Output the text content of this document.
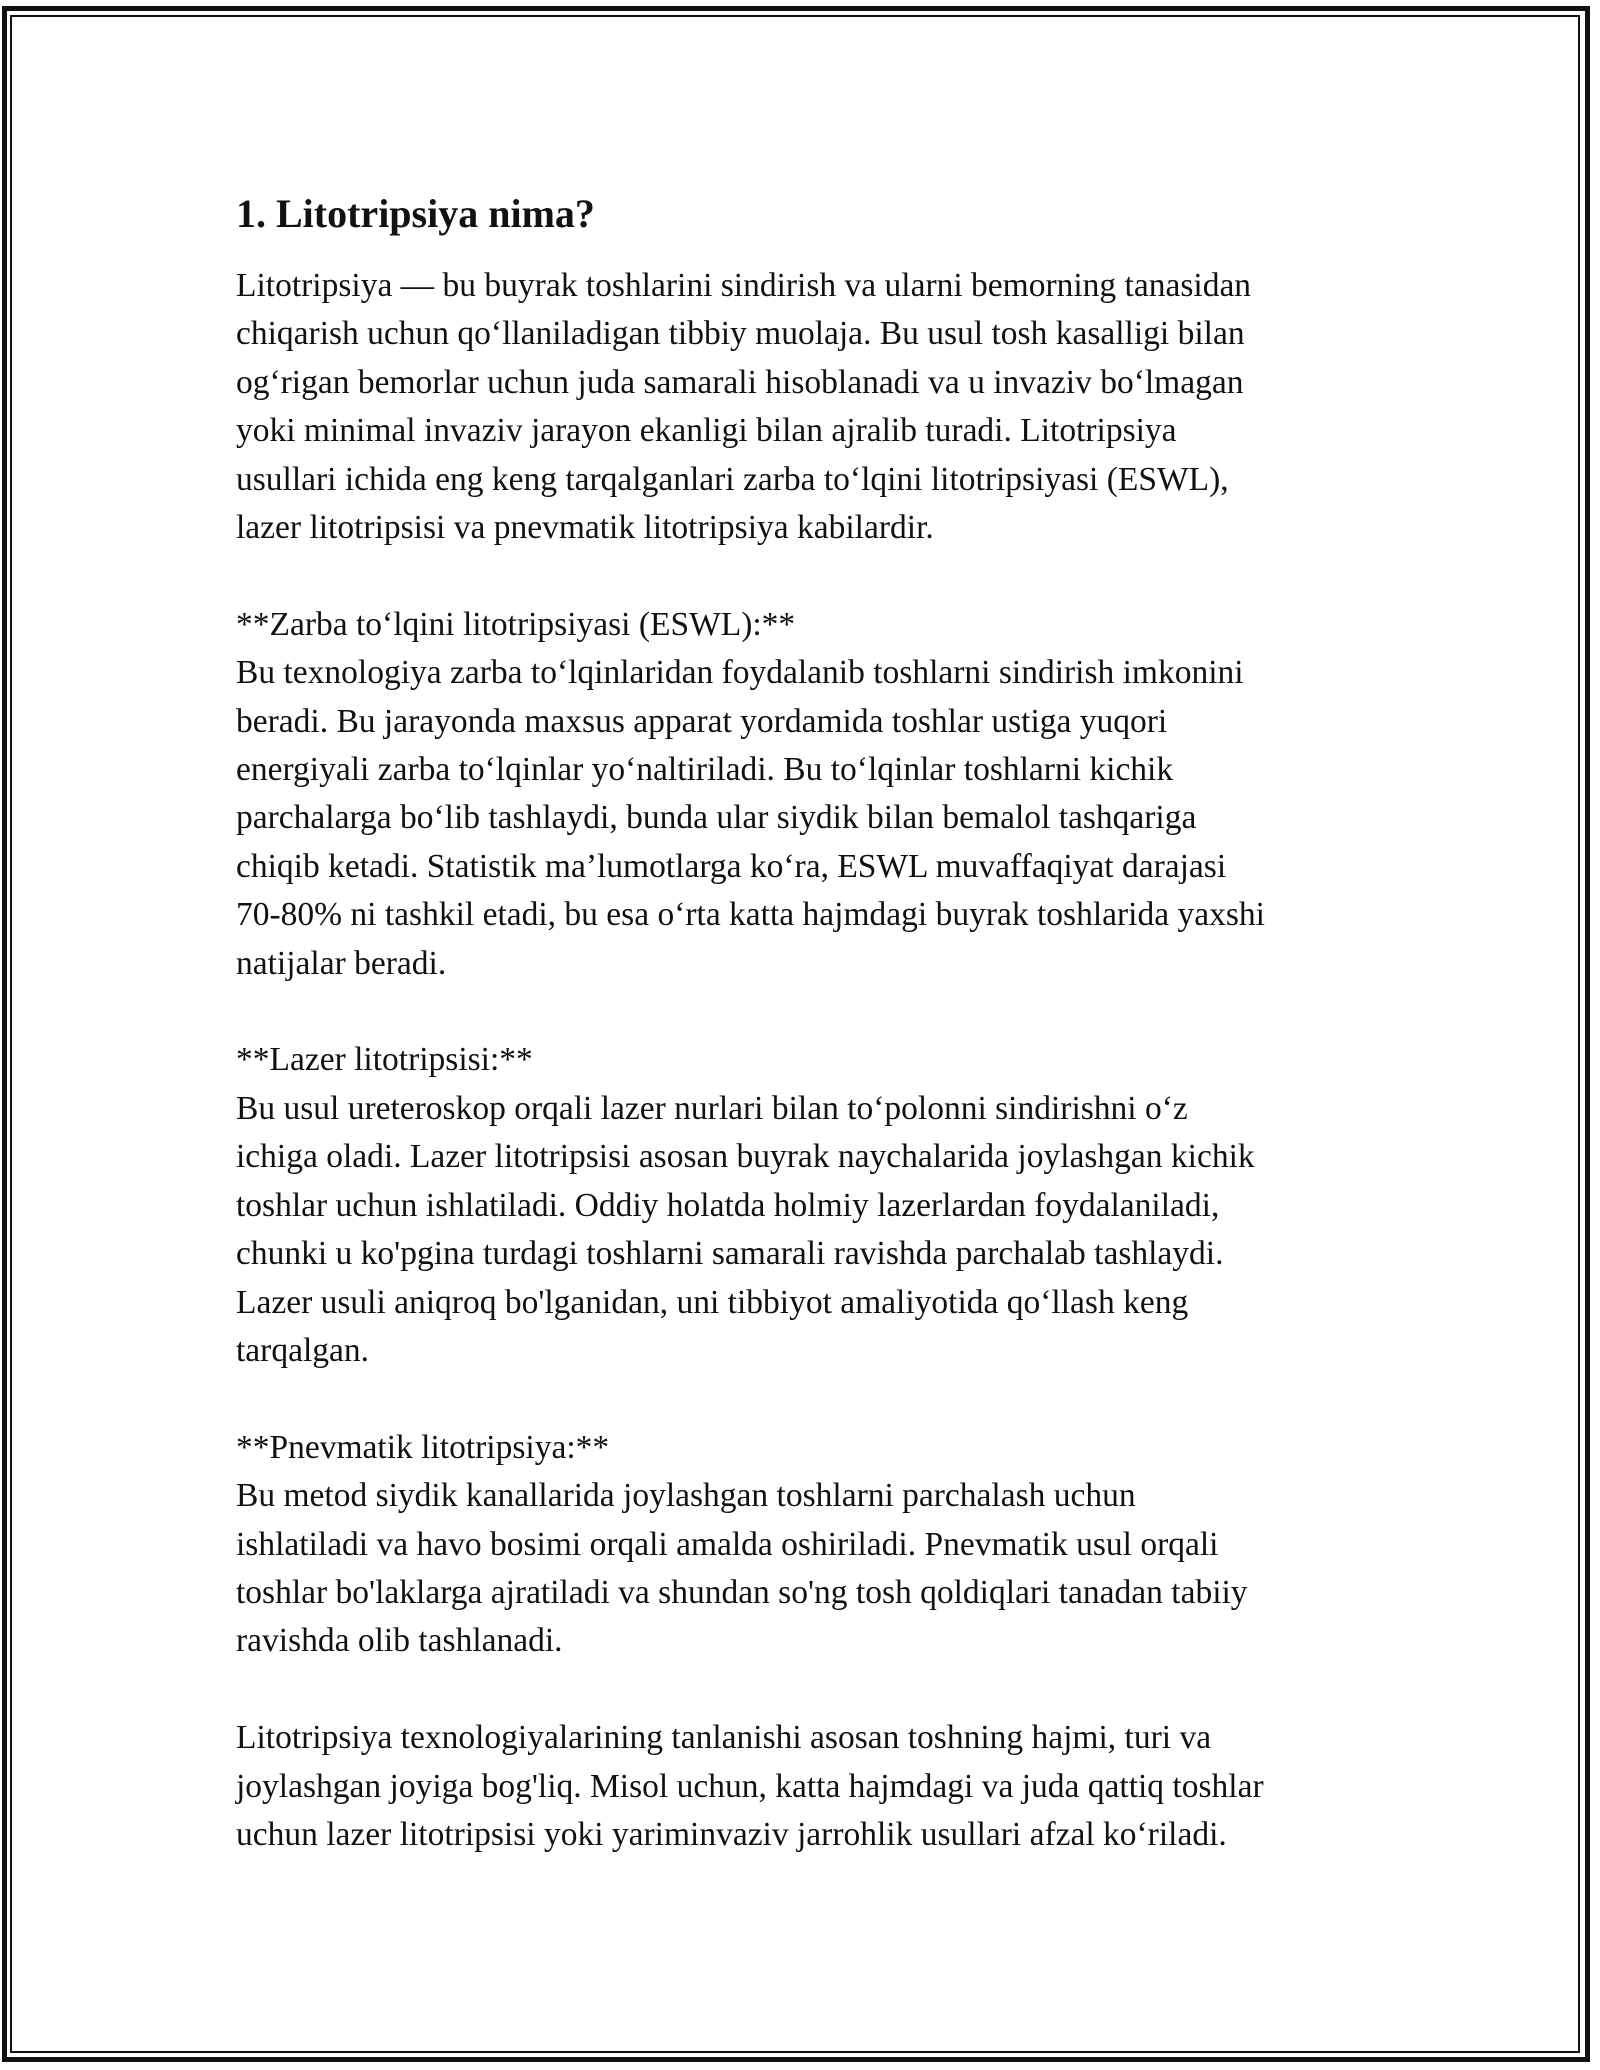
1. Litotripsiya nima?
Litotripsiya — bu buyrak toshlarini sindirish va ularni bemorning tanasidan
chiqarish uchun qo‘llaniladigan tibbiy muolaja. Bu usul tosh kasalligi bilan
og‘rigan bemorlar uchun juda samarali hisoblanadi va u invaziv bo‘lmagan
yoki minimal invaziv jarayon ekanligi bilan ajralib turadi. Litotripsiya
usullari ichida eng keng tarqalganlari zarba to‘lqini litotripsiyasi (ESWL),
lazer litotripsisi va pnevmatik litotripsiya kabilardir.
**Zarba to‘lqini litotripsiyasi (ESWL):**
Bu texnologiya zarba to‘lqinlaridan foydalanib toshlarni sindirish imkonini
beradi. Bu jarayonda maxsus apparat yordamida toshlar ustiga yuqori
energiyali zarba to‘lqinlar yo‘naltiriladi. Bu to‘lqinlar toshlarni kichik
parchalarga bo‘lib tashlaydi, bunda ular siydik bilan bemalol tashqariga
chiqib ketadi. Statistik ma’lumotlarga ko‘ra, ESWL muvaffaqiyat darajasi
70-80% ni tashkil etadi, bu esa o‘rta katta hajmdagi buyrak toshlarida yaxshi
natijalar beradi.
**Lazer litotripsisi:**
Bu usul ureteroskop orqali lazer nurlari bilan to‘polonni sindirishni o‘z
ichiga oladi. Lazer litotripsisi asosan buyrak naychalarida joylashgan kichik
toshlar uchun ishlatiladi. Oddiy holatda holmiy lazerlardan foydalaniladi,
chunki u ko'pgina turdagi toshlarni samarali ravishda parchalab tashlaydi.
Lazer usuli aniqroq bo'lganidan, uni tibbiyot amaliyotida qo‘llash keng
tarqalgan.
**Pnevmatik litotripsiya:**
Bu metod siydik kanallarida joylashgan toshlarni parchalash uchun
ishlatiladi va havo bosimi orqali amalda oshiriladi. Pnevmatik usul orqali
toshlar bo'laklarga ajratiladi va shundan so'ng tosh qoldiqlari tanadan tabiiy
ravishda olib tashlanadi.
Litotripsiya texnologiyalarining tanlanishi asosan toshning hajmi, turi va
joylashgan joyiga bog'liq. Misol uchun, katta hajmdagi va juda qattiq toshlar
uchun lazer litotripsisi yoki yariminvaziv jarrohlik usullari afzal ko‘riladi.
